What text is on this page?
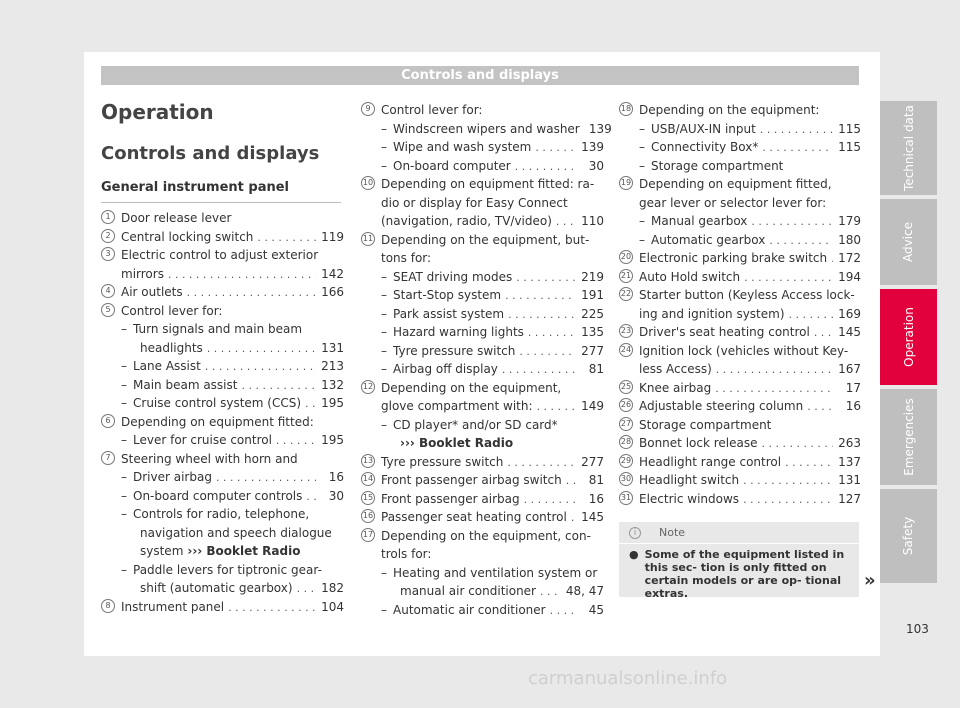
Controls and displays
Operation
Controls and displays
General instrument panel
1 Door release lever
2 Central locking switch . . .	119
3 Electric control to adjust exterior
mirrors . . .	142
4 Air outlets . . .	166
5 Control lever for:
– Turn signals and main beam
headlights . . .	131
– Lane Assist . . .	213
– Main beam assist . . .	132
– Cruise control system (CCS) . . . 195
6 Depending on equipment fitted:
– Lever for cruise control . . .	195
7 Steering wheel with horn and
– Driver airbag . . .	16
– On-board computer controls . . .	30
– Controls for radio, telephone,
navigation and speech dialogue
system ››› Booklet Radio
– Paddle levers for tiptronic gear-
shift (automatic gearbox) . . . 182
8 Instrument panel . . .	104
9 Control lever for:
– Windscreen wipers and washer 139
– Wipe and wash system . . .	139
– On-board computer . . .	30
10 Depending on equipment fitted: ra-
dio or display for Easy Connect
(navigation, radio, TV/video) . . . 110
11 Depending on the equipment, but-
tons for:
– SEAT driving modes . . .	219
– Start-Stop system . . .	191
– Park assist system . . .	225
– Hazard warning lights . . .	135
– Tyre pressure switch . . .	277
– Airbag off display . . .	81
12 Depending on the equipment,
glove compartment with: . . .	149
– CD player* and/or SD card*
››› Booklet Radio
13 Tyre pressure switch . . .	277
14 Front passenger airbag switch . . .	81
15 Front passenger airbag . . .	16
16 Passenger seat heating control . . . 145
17 Depending on the equipment, con-
trols for:
– Heating and ventilation system or
manual air conditioner . . . 48, 47
– Automatic air conditioner . . .	45
18 Depending on the equipment:
– USB/AUX-IN input . . .	115
– Connectivity Box* . . .	115
– Storage compartment
19 Depending on equipment fitted,
gear lever or selector lever for:
– Manual gearbox . . .	179
– Automatic gearbox . . .	180
20 Electronic parking brake switch . . . 172
21 Auto Hold switch . . .	194
22 Starter button (Keyless Access lock-
ing and ignition system) . . .	169
23 Driver's seat heating control . . . 145
24 Ignition lock (vehicles without Key-
less Access) . . .	167
25 Knee airbag . . .	17
26 Adjustable steering column . . .	16
27 Storage compartment
28 Bonnet lock release . . .	263
29 Headlight range control . . .	137
30 Headlight switch . . .	131
31 Electric windows . . .	127
i	Note
● Some of the equipment listed in this sec- tion is only fitted on certain models or are op- tional extras.
»
Technical data
Advice
Operation
Emergencies
Safety
103
carmanualsonline.info
